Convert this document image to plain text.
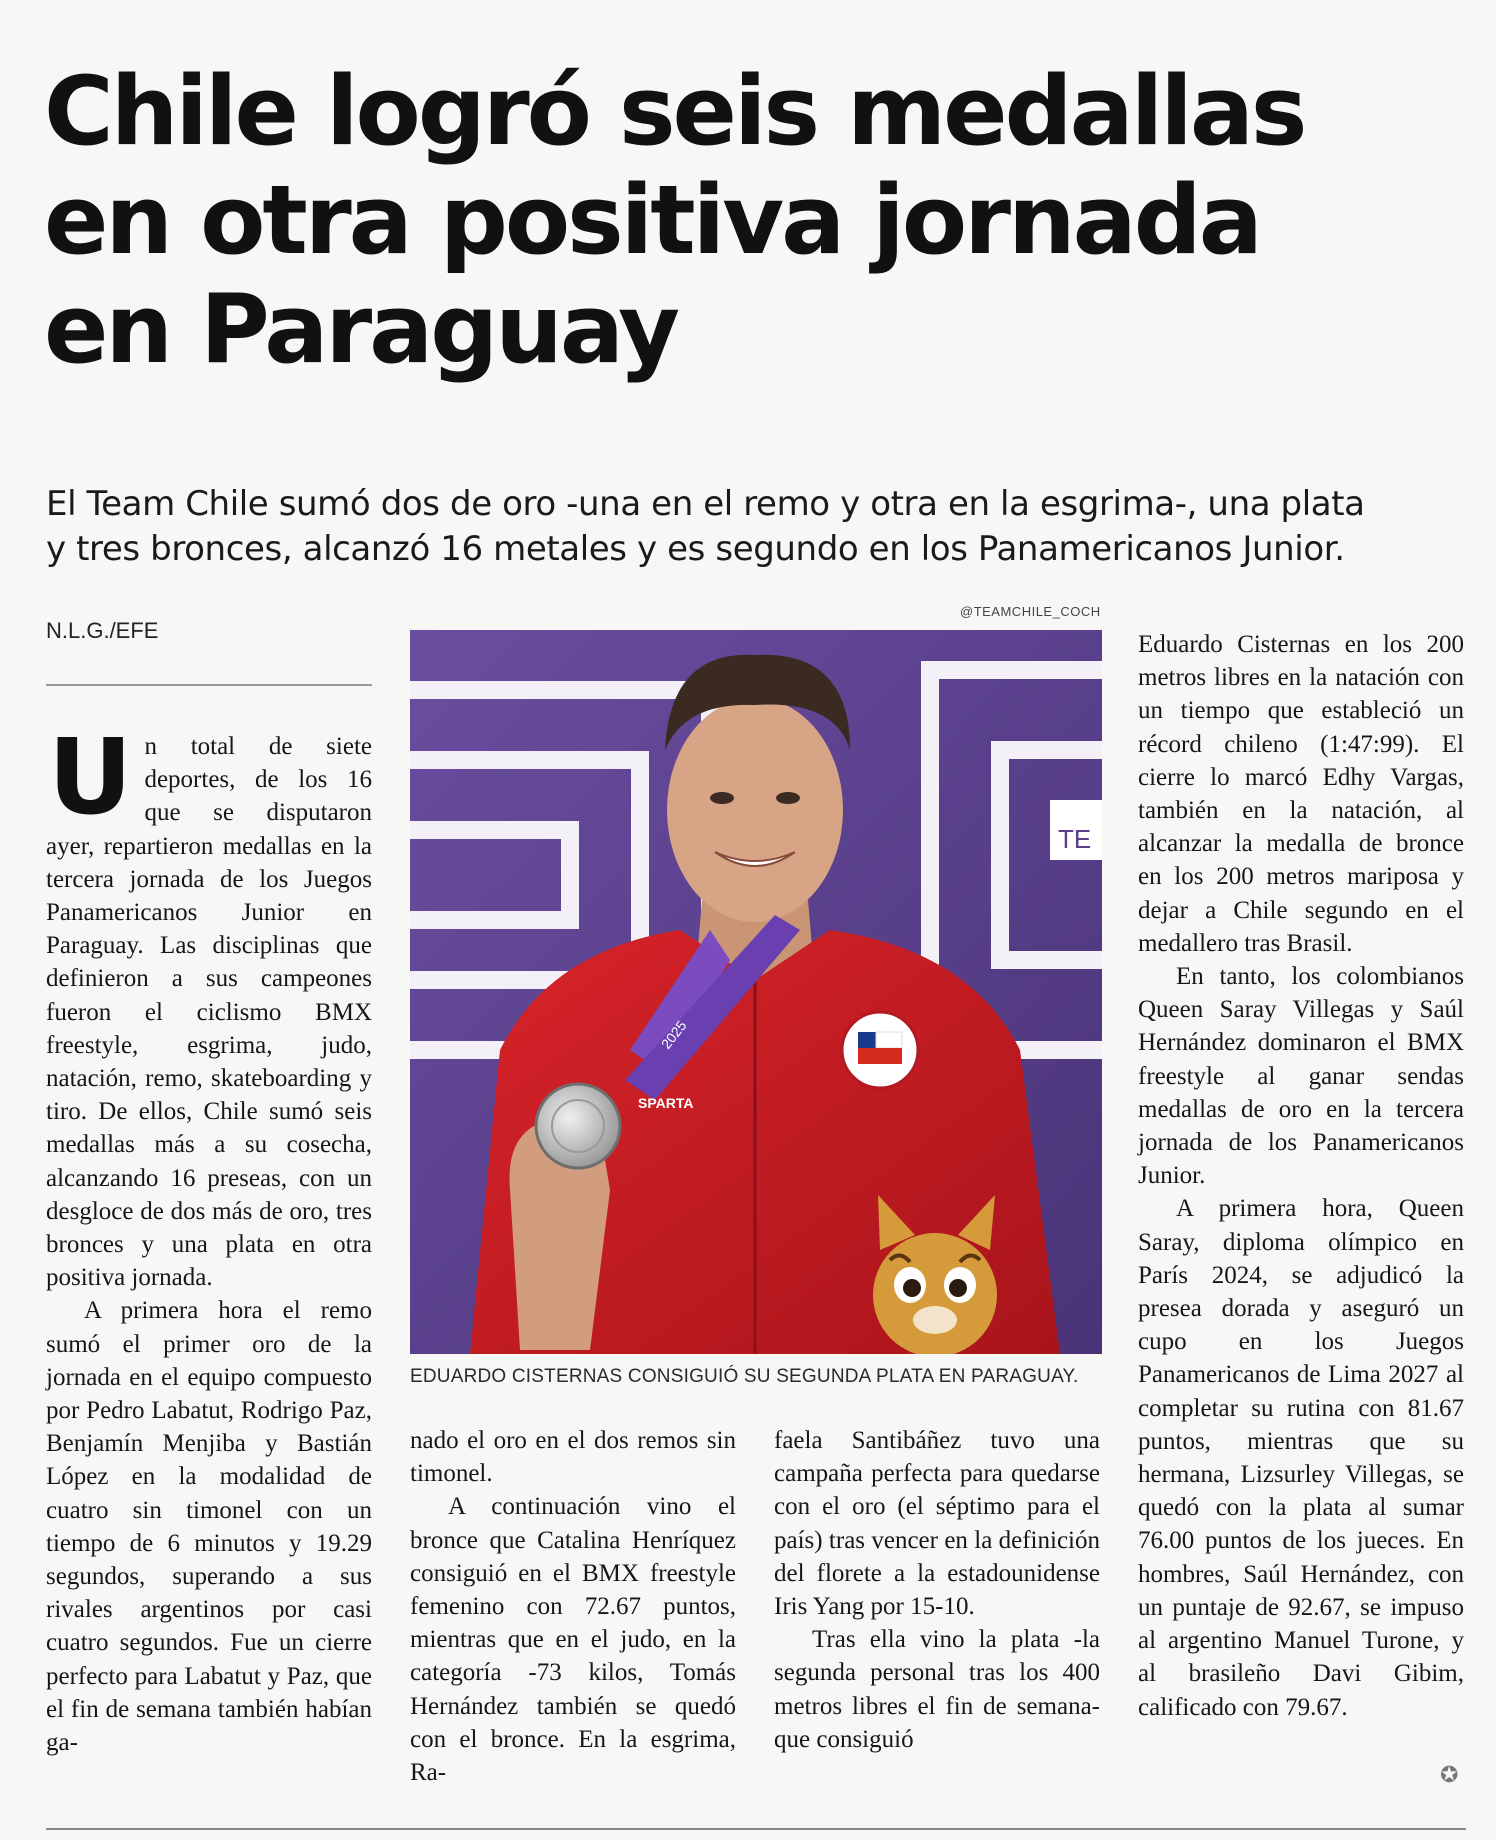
Chile logró seis medallas
en otra positiva jornada
en Paraguay
El Team Chile sumó dos de oro -una en el remo y otra en la esgrima-, una plata
y tres bronces, alcanzó 16 metales y es segundo en los Panamericanos Junior.
N.L.G./EFE
@TEAMCHILE_COCH
TE
2025
SPARTA
EDUARDO CISTERNAS CONSIGUIÓ SU SEGUNDA PLATA EN PARAGUAY.

Un total de siete deportes, de los 16 que se disputaron ayer, repartieron medallas en la tercera jornada de los Juegos Panamericanos Junior en Paraguay. Las disciplinas que definieron a sus campeones fueron el ciclismo BMX freestyle, esgrima, judo, natación, remo, skateboarding y tiro. De ellos, Chile sumó seis medallas más a su cosecha, alcanzando 16 preseas, con un desgloce de dos más de oro, tres bronces y una plata en otra positiva jornada.

A primera hora el remo sumó el primer oro de la jornada en el equipo compuesto por Pedro Labatut, Rodrigo Paz, Benjamín Menjiba y Bastián López en la modalidad de cuatro sin timonel con un tiempo de 6 minutos y 19.29 segundos, superando a sus rivales argentinos por casi cuatro segundos. Fue un cierre perfecto para Labatut y Paz, que el fin de semana también habían ga-

nado el oro en el dos remos sin timonel.

A continuación vino el bronce que Catalina Henríquez consiguió en el BMX freestyle femenino con 72.67 puntos, mientras que en el judo, en la categoría -73 kilos, Tomás Hernández también se quedó con el bronce. En la esgrima, Ra-

faela Santibáñez tuvo una campaña perfecta para quedarse con el oro (el séptimo para el país) tras vencer en la definición del florete a la estadounidense Iris Yang por 15-10.

Tras ella vino la plata -la segunda personal tras los 400 metros libres el fin de semana- que consiguió

Eduardo Cisternas en los 200 metros libres en la natación con un tiempo que estableció un récord chileno (1:47:99). El cierre lo marcó Edhy Vargas, también en la natación, al alcanzar la medalla de bronce en los 200 metros mariposa y dejar a Chile segundo en el medallero tras Brasil.

En tanto, los colombianos Queen Saray Villegas y Saúl Hernández dominaron el BMX freestyle al ganar sendas medallas de oro en la tercera jornada de los Panamericanos Junior.

A primera hora, Queen Saray, diploma olímpico en París 2024, se adjudicó la presea dorada y aseguró un cupo en los Juegos Panamericanos de Lima 2027 al completar su rutina con 81.67 puntos, mientras que su hermana, Lizsurley Villegas, se quedó con la plata al sumar 76.00 puntos de los jueces. En hombres, Saúl Hernández, con un puntaje de 92.67, se impuso al argentino Manuel Turone, y al brasileño Davi Gibim, calificado con 79.67.

✪
